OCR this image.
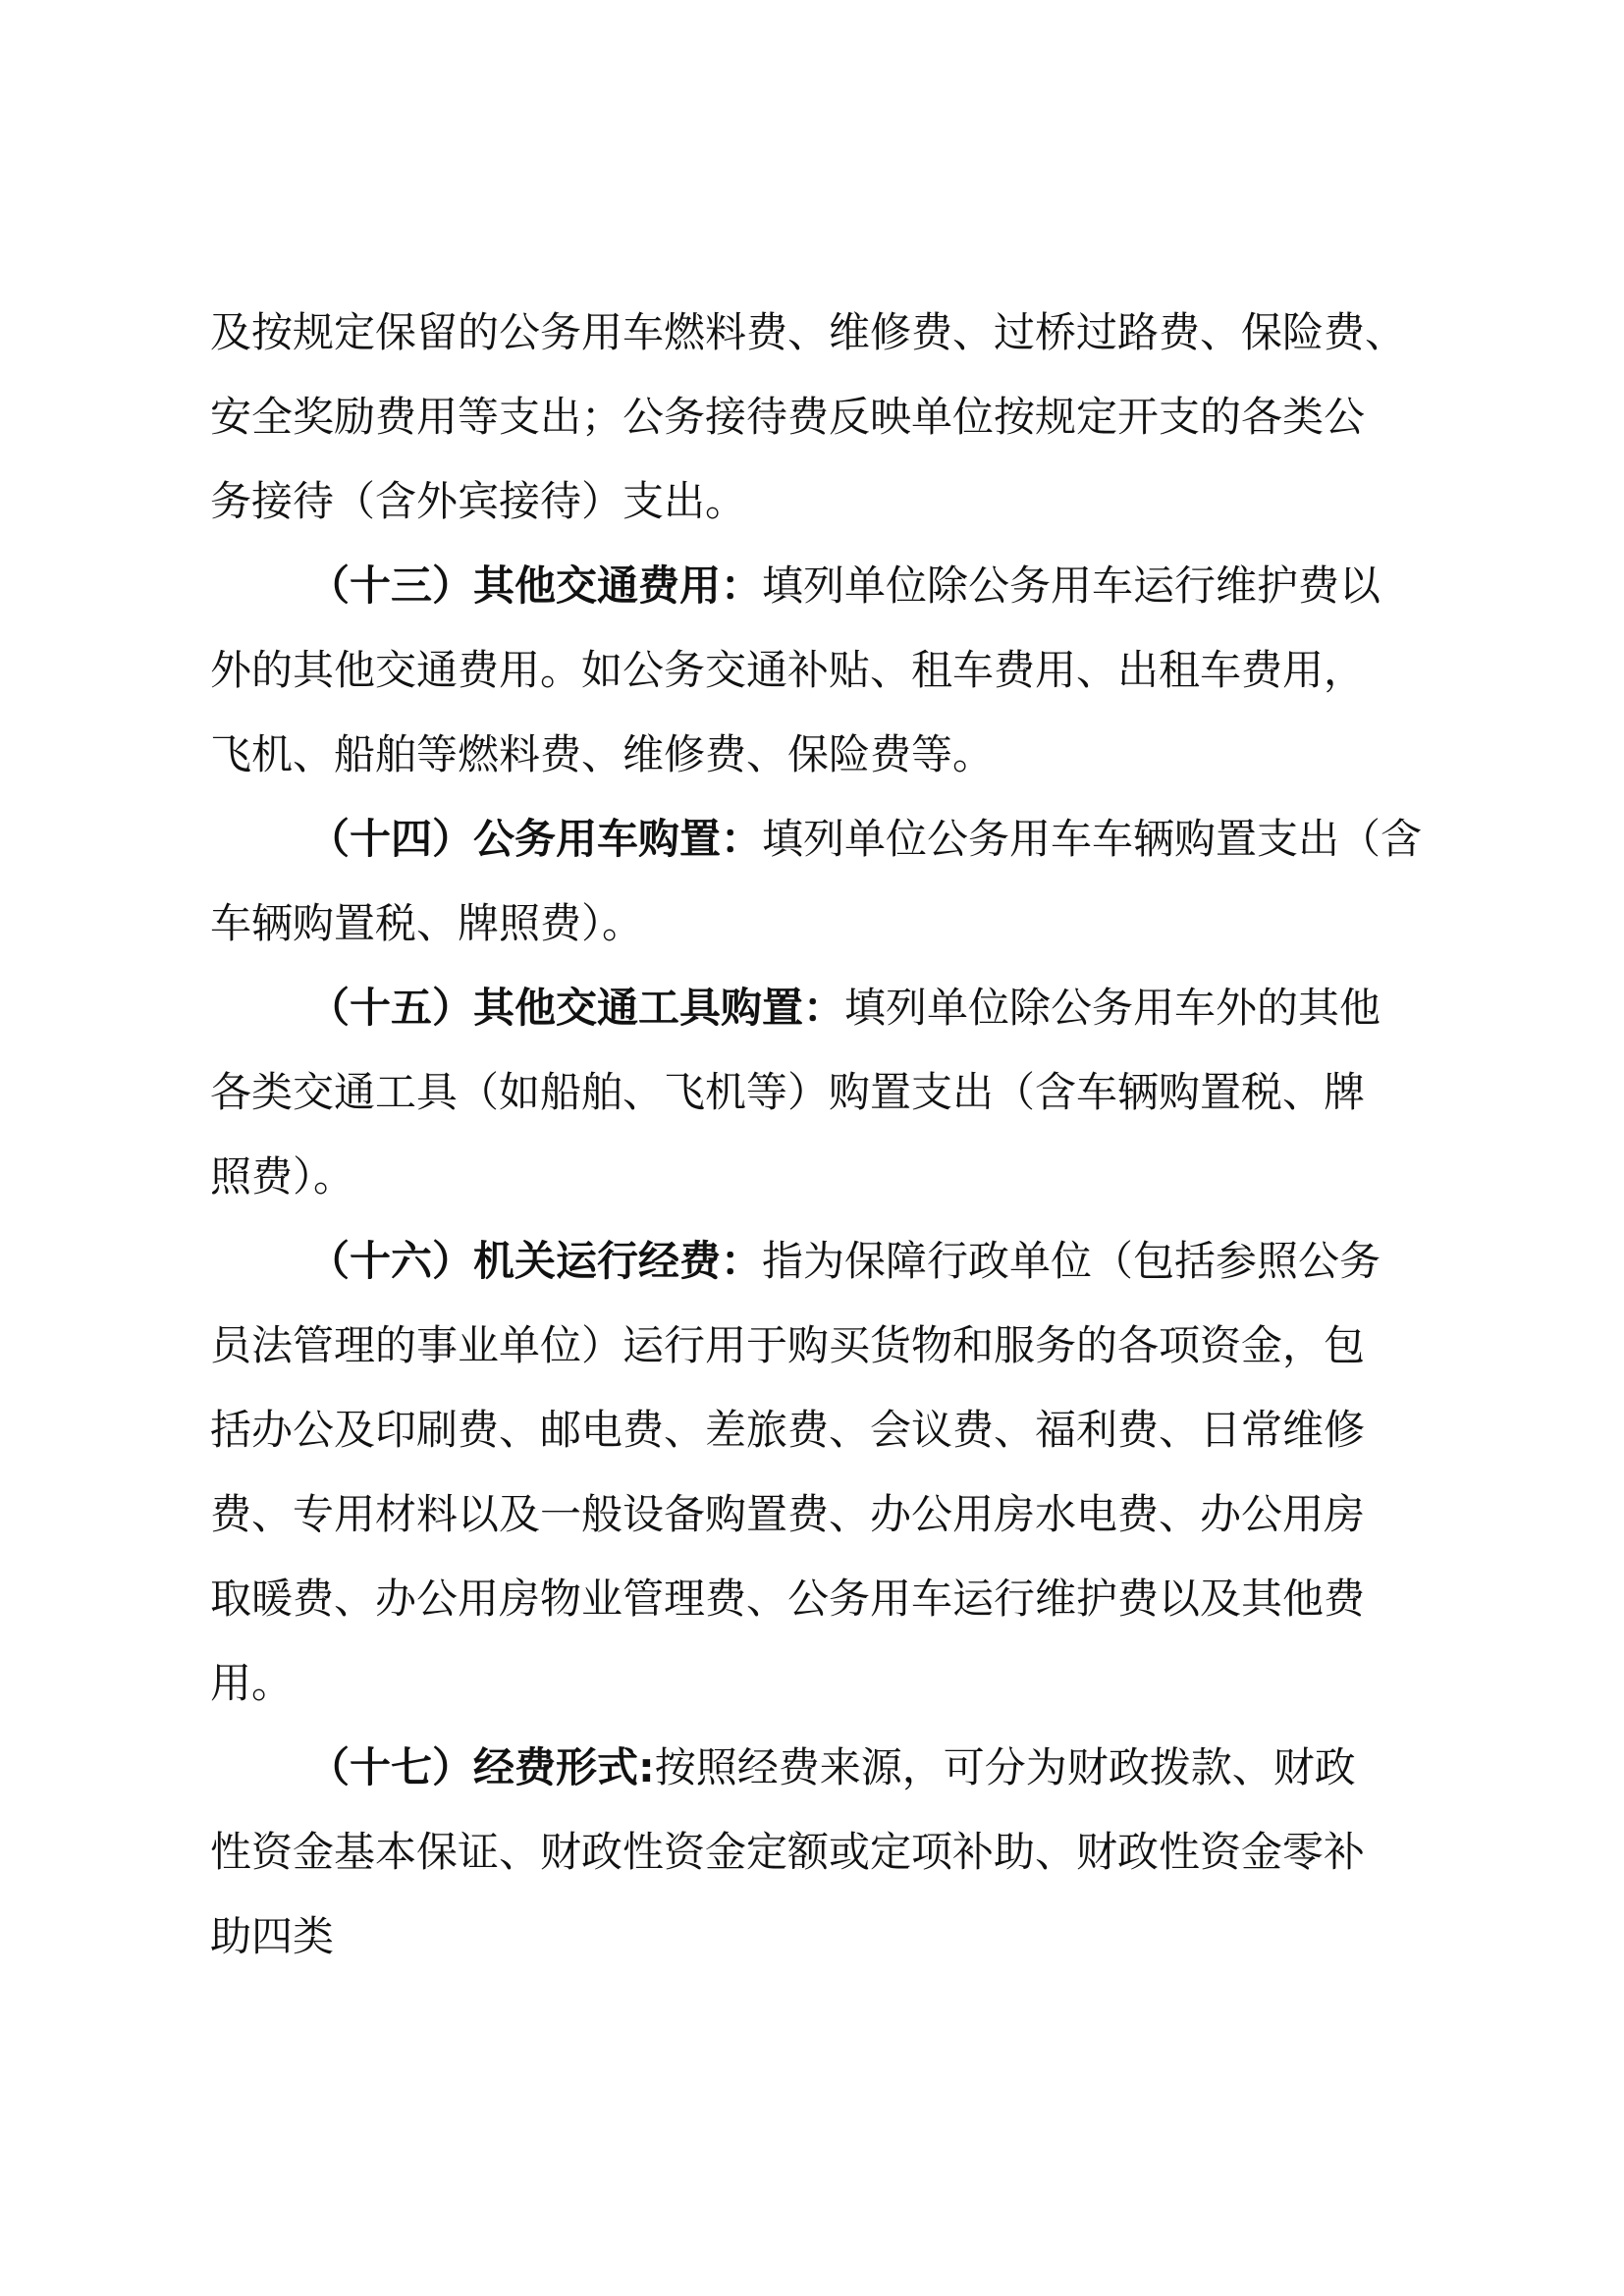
及按规定保留的公务用车燃料费、维修费、过桥过路费、保险费、
安全奖励费用等支出；公务接待费反映单位按规定开支的各类公
务接待（含外宾接待）支出。
（十三）其他交通费用：填列单位除公务用车运行维护费以
外的其他交通费用。如公务交通补贴、租车费用、出租车费用，
飞机、船舶等燃料费、维修费、保险费等。
（十四）公务用车购置：填列单位公务用车车辆购置支出（含
车辆购置税、牌照费）。
（十五）其他交通工具购置：填列单位除公务用车外的其他
各类交通工具（如船舶、飞机等）购置支出（含车辆购置税、牌
照费）。
（十六）机关运行经费：指为保障行政单位（包括参照公务
员法管理的事业单位）运行用于购买货物和服务的各项资金，包
括办公及印刷费、邮电费、差旅费、会议费、福利费、日常维修
费、专用材料以及一般设备购置费、办公用房水电费、办公用房
取暖费、办公用房物业管理费、公务用车运行维护费以及其他费
用。
（十七）经费形式:按照经费来源，可分为财政拨款、财政
性资金基本保证、财政性资金定额或定项补助、财政性资金零补
助四类
